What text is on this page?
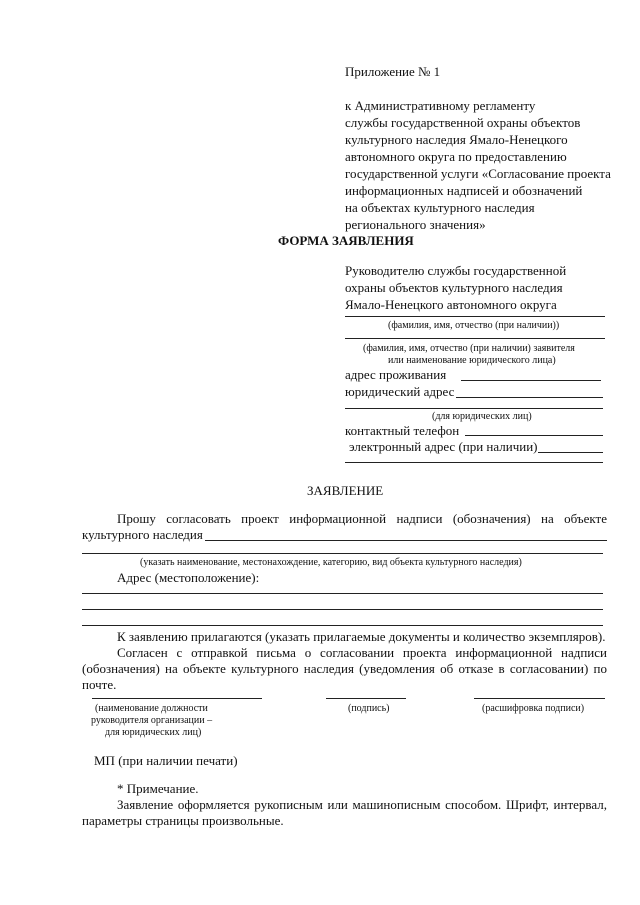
Приложение № 1
к Административному регламенту
службы государственной охраны объектов
культурного наследия Ямало-Ненецкого
автономного округа по предоставлению
государственной услуги «Согласование проекта
информационных надписей и обозначений
на объектах культурного наследия
регионального значения»
ФОРМА ЗАЯВЛЕНИЯ
Руководителю службы государственной
охраны объектов культурного наследия
Ямало-Ненецкого автономного округа
(фамилия, имя, отчество (при наличии))
(фамилия, имя, отчество (при наличии) заявителя
или наименование юридического лица)
адрес проживания
юридический адрес
(для юридических лиц)
контактный телефон
электронный адрес (при наличии)
ЗАЯВЛЕНИЕ
Прошу согласовать проект информационной надписи (обозначения) на объекте
культурного наследия
(указать наименование, местонахождение, категорию, вид объекта культурного наследия)
Адрес (местоположение):
К заявлению прилагаются (указать прилагаемые документы и количество экземпляров).
Согласен с отправкой письма о согласовании проекта информационной надписи
(обозначения) на объекте культурного наследия (уведомления об отказе в согласовании) по
почте.
(наименование должности
руководителя организации –
для юридических лиц)
(подпись)	(расшифровка подписи)
МП (при наличии печати)
* Примечание.
Заявление оформляется рукописным или машинописным способом. Шрифт, интервал,
параметры страницы произвольные.
